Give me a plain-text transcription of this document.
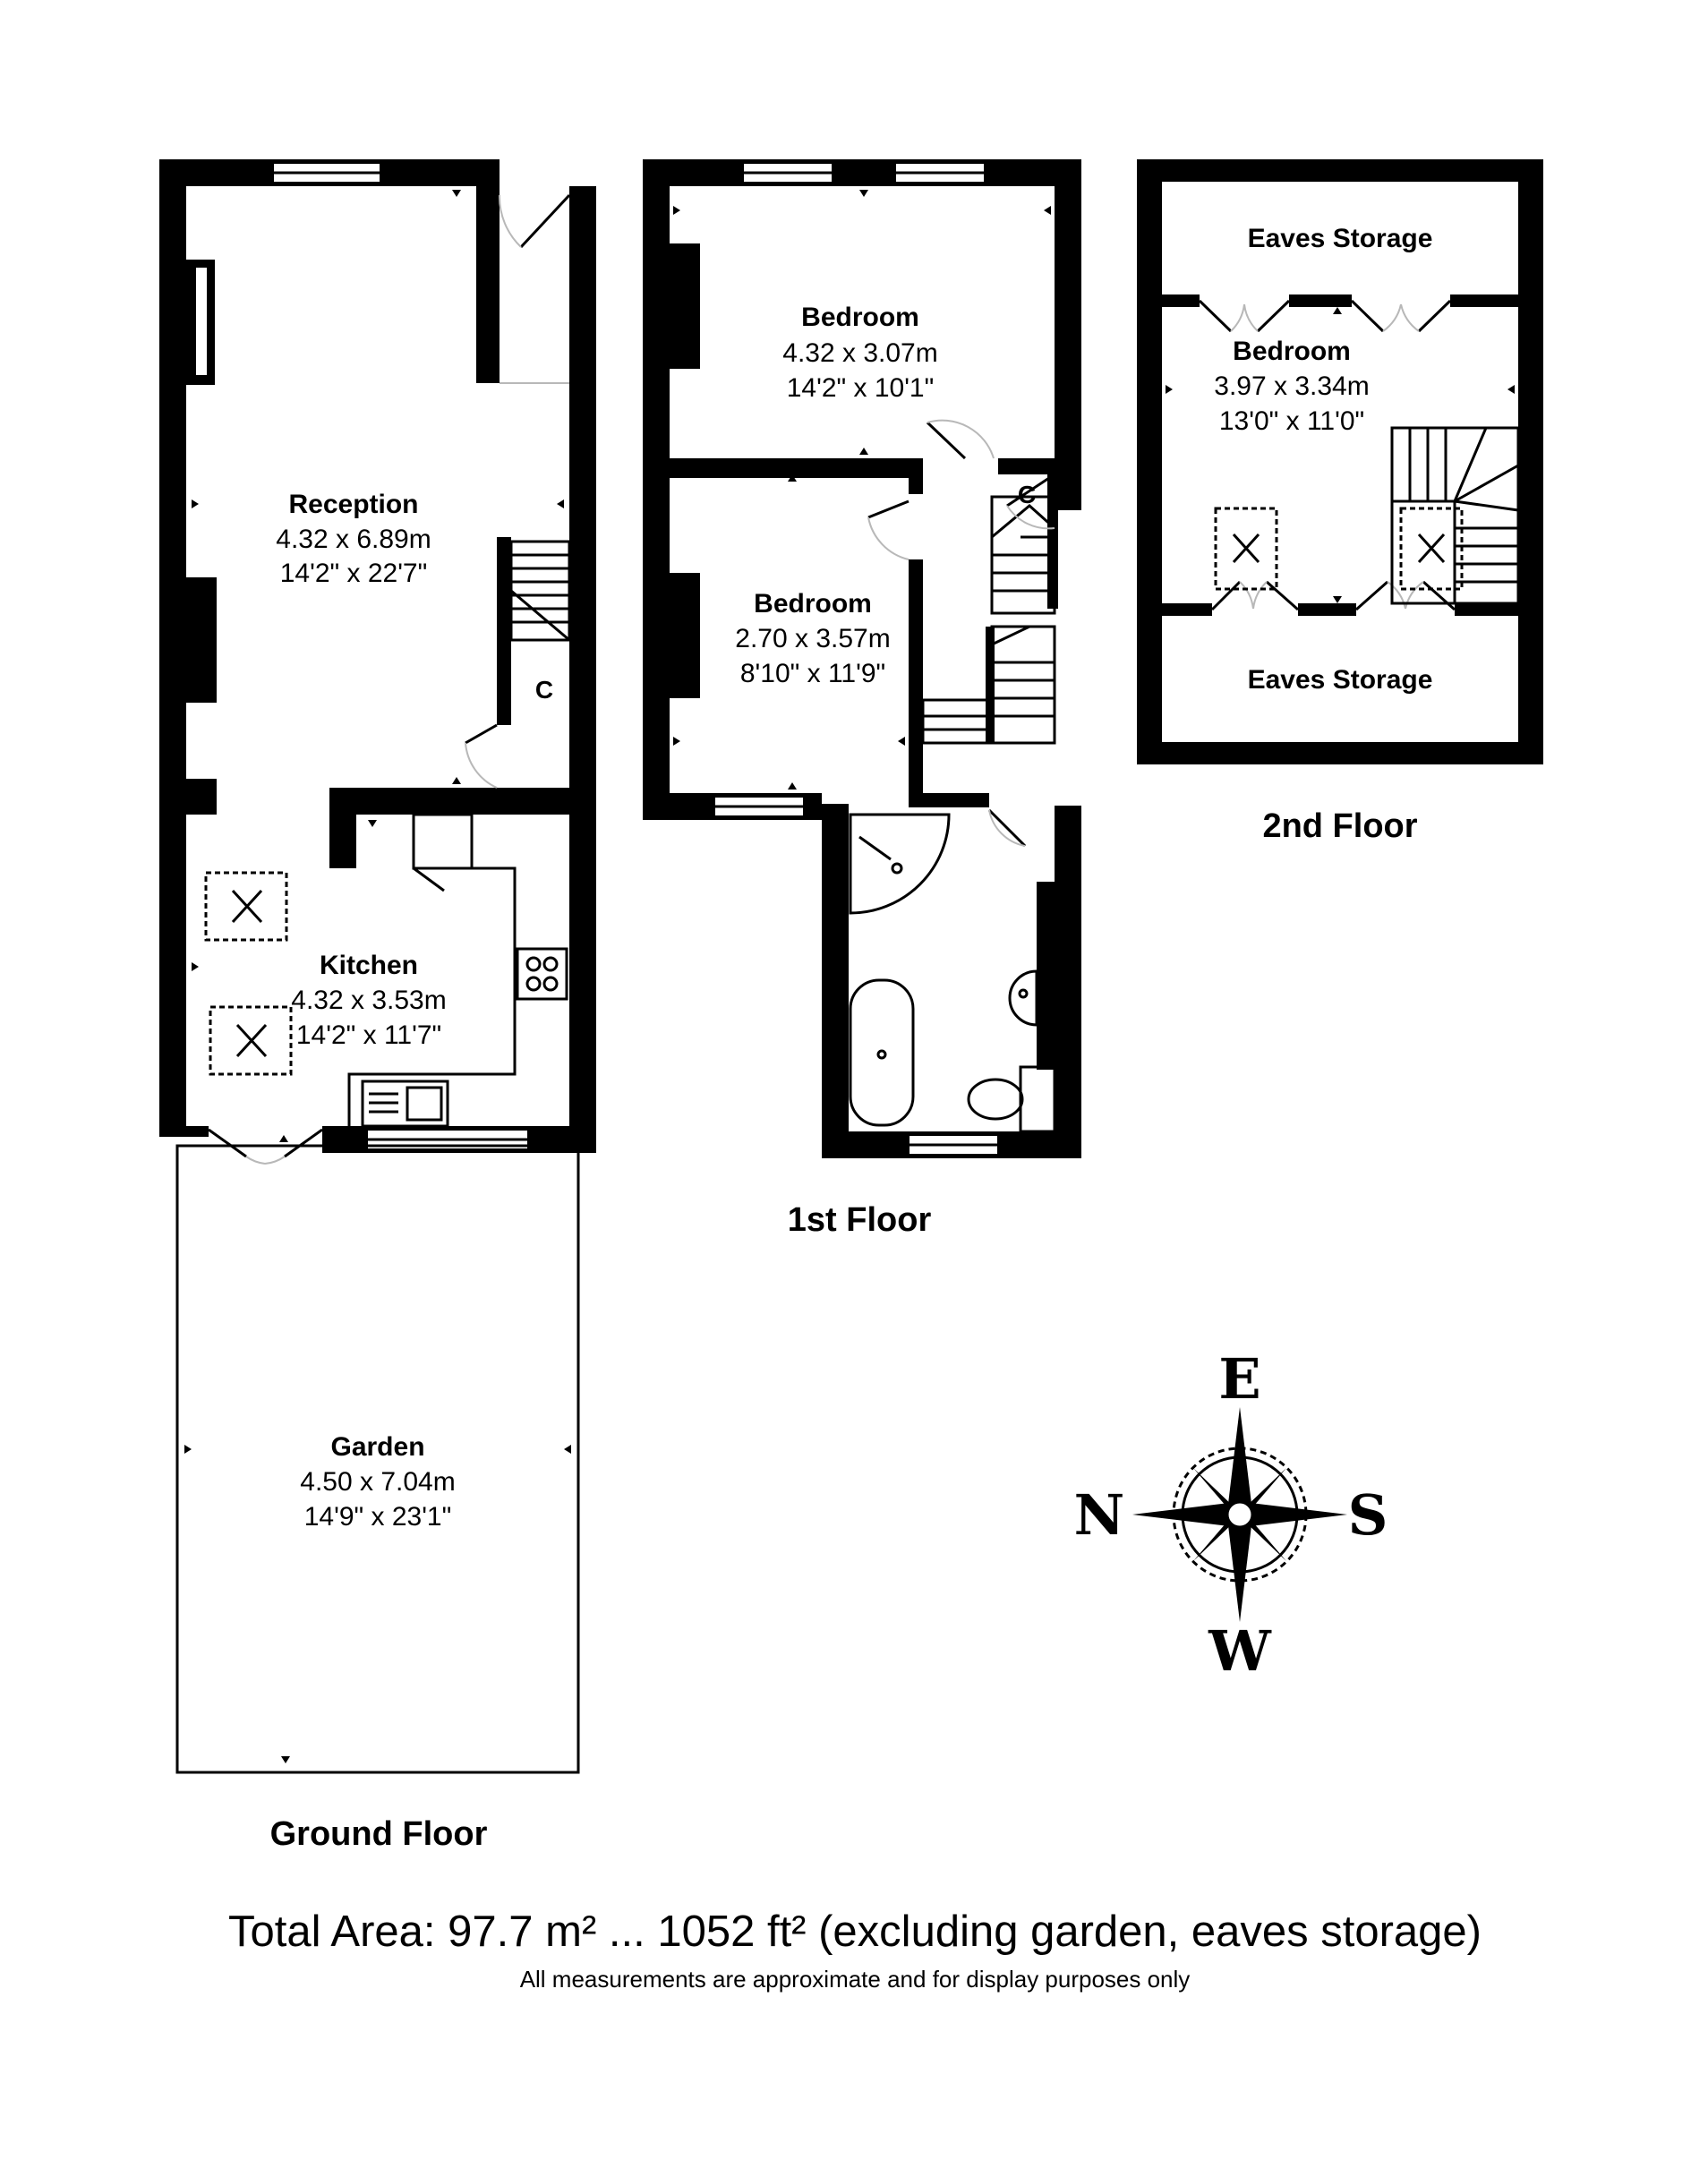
Reception
4.32 x 6.89m
14'2" x 22'7"
C
Kitchen
4.32 x 3.53m
14'2" x 11'7"
Garden
4.50 x 7.04m
14'9" x 23'1"
Ground Floor
C
Bedroom
4.32 x 3.07m
14'2" x 10'1"
Bedroom
2.70 x 3.57m
8'10" x 11'9"
1st Floor
Eaves Storage
Bedroom
3.97 x 3.34m
13'0" x 11'0"
Eaves Storage
2nd Floor
E
N	S
W
Total Area: 97.7 m² ... 1052 ft² (excluding garden, eaves storage)
All measurements are approximate and for display purposes only
